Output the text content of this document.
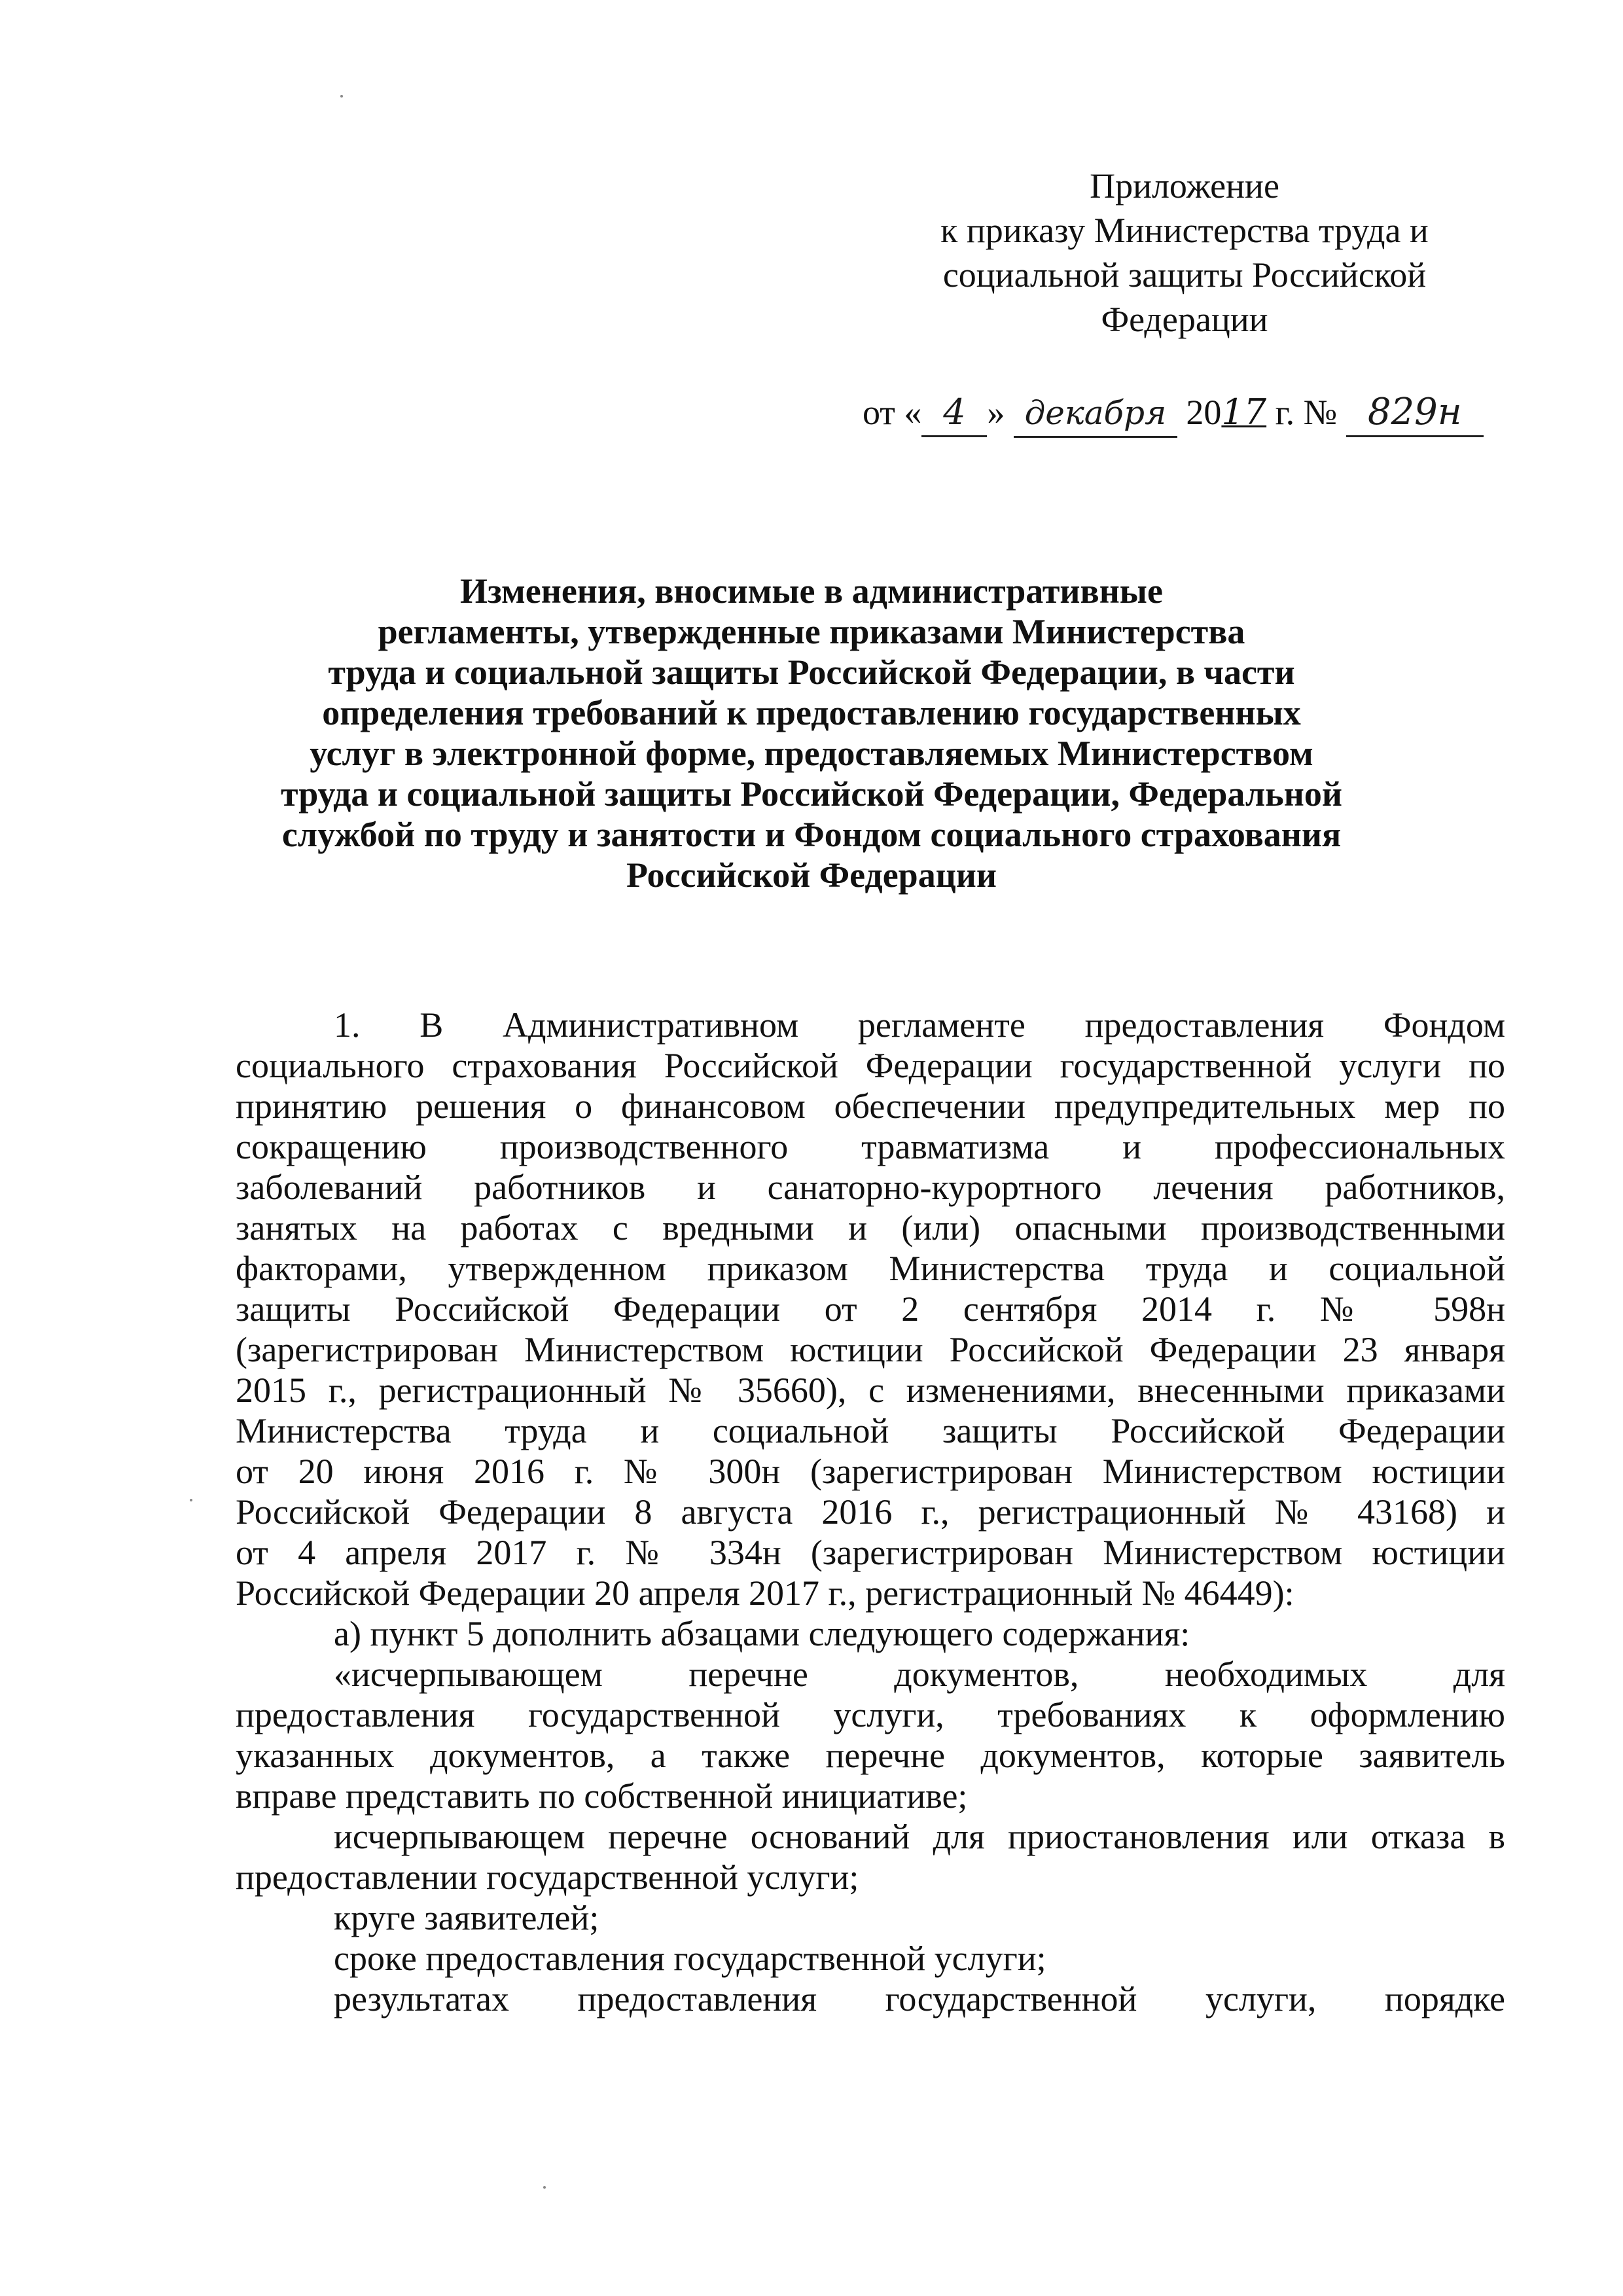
Приложение
к приказу Министерства труда и
социальной защиты Российской
Федерации
от « 4 » декабря 2017 г. № 829н
Изменения, вносимые в административные
регламенты, утвержденные приказами Министерства
труда и социальной защиты Российской Федерации, в части
определения требований к предоставлению государственных
услуг в электронной форме, предоставляемых Министерством
труда и социальной защиты Российской Федерации, Федеральной
службой по труду и занятости и Фондом социального страхования
Российской Федерации
1. В Административном регламенте предоставления Фондом
социального страхования Российской Федерации государственной услуги по
принятию решения о финансовом обеспечении предупредительных мер по
сокращению производственного травматизма и профессиональных
заболеваний работников и санаторно-курортного лечения работников,
занятых на работах с вредными и (или) опасными производственными
факторами, утвержденном приказом Министерства труда и социальной
защиты Российской Федерации от 2 сентября 2014 г. № 598н
(зарегистрирован Министерством юстиции Российской Федерации 23 января
2015 г., регистрационный № 35660), с изменениями, внесенными приказами
Министерства труда и социальной защиты Российской Федерации
от 20 июня 2016 г. № 300н (зарегистрирован Министерством юстиции
Российской Федерации 8 августа 2016 г., регистрационный № 43168) и
от 4 апреля 2017 г. № 334н (зарегистрирован Министерством юстиции
Российской Федерации 20 апреля 2017 г., регистрационный № 46449):
а) пункт 5 дополнить абзацами следующего содержания:
«исчерпывающем перечне документов, необходимых для
предоставления государственной услуги, требованиях к оформлению
указанных документов, а также перечне документов, которые заявитель
вправе представить по собственной инициативе;
исчерпывающем перечне оснований для приостановления или отказа в
предоставлении государственной услуги;
круге заявителей;
сроке предоставления государственной услуги;
результатах предоставления государственной услуги, порядке
